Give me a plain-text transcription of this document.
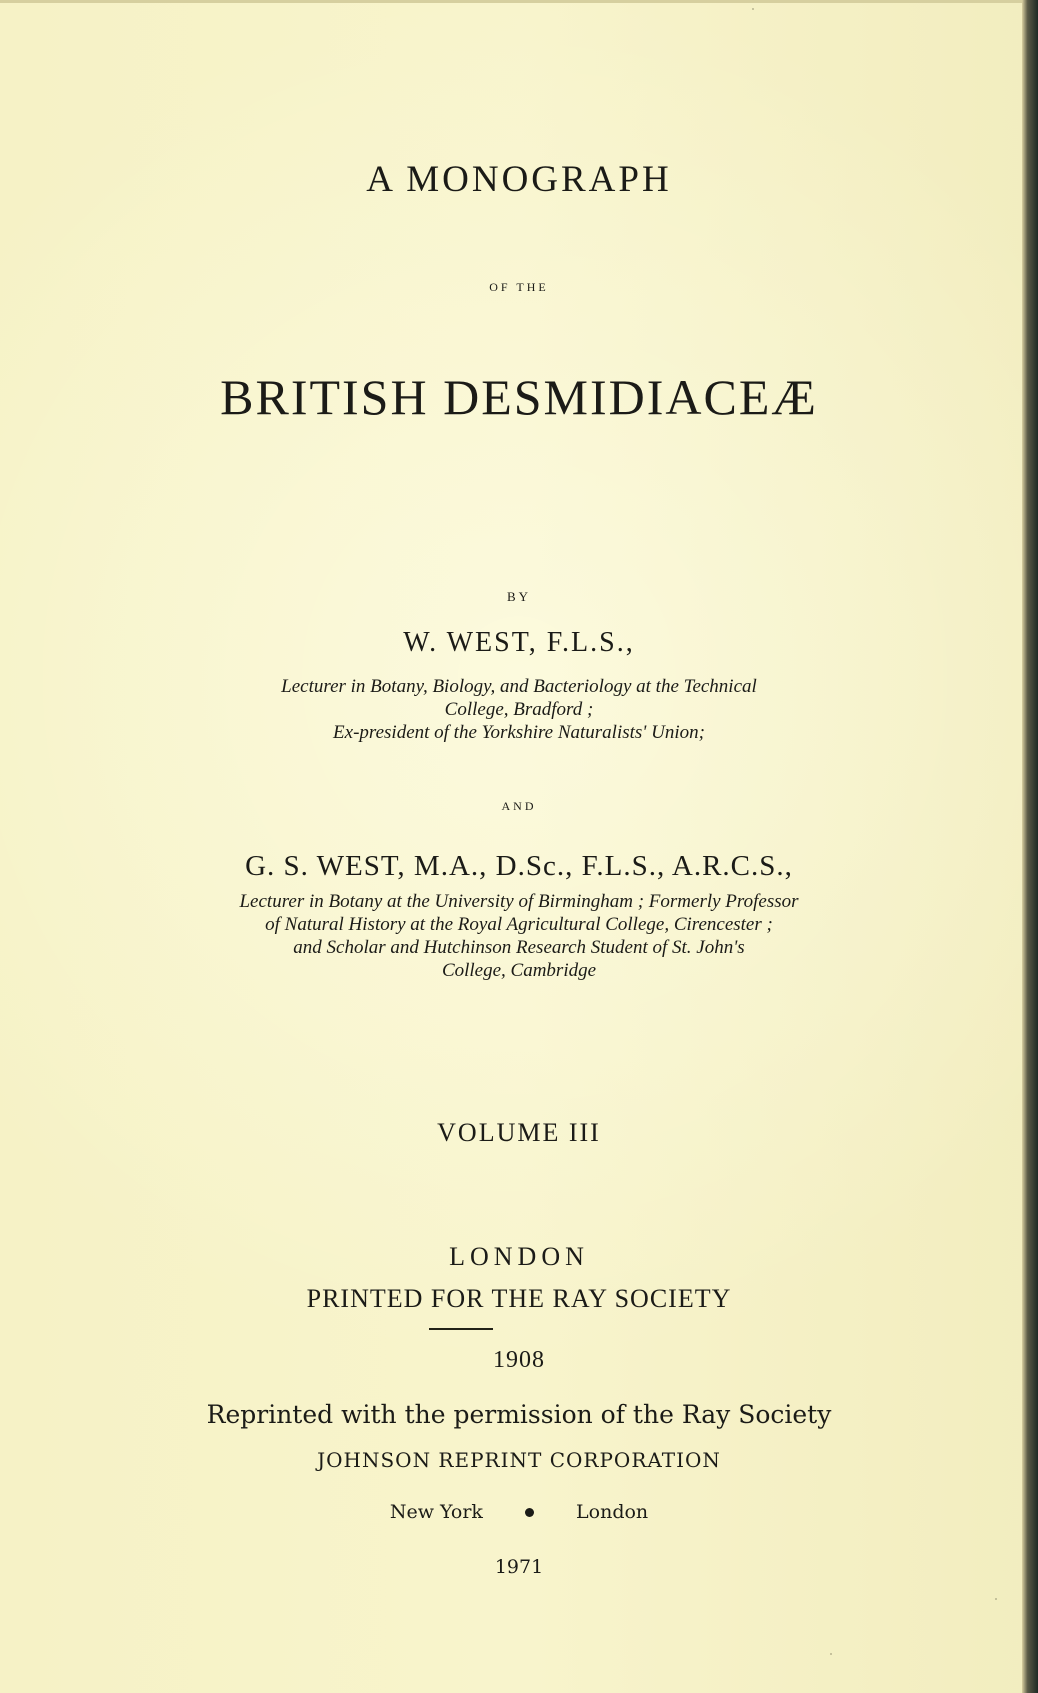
A MONOGRAPH
OF THE
BRITISH DESMIDIACEÆ
BY
W. WEST, F.L.S.,
Lecturer in Botany, Biology, and Bacteriology at the Technical
College, Bradford ;
Ex-president of the Yorkshire Naturalists' Union;
AND
G. S. WEST, M.A., D.Sc., F.L.S., A.R.C.S.,
Lecturer in Botany at the University of Birmingham ; Formerly Professor
of Natural History at the Royal Agricultural College, Cirencester ;
and Scholar and Hutchinson Research Student of St. John's
College, Cambridge
VOLUME III
LONDON
PRINTED FOR THE RAY SOCIETY
1908
Reprinted with the permission of the Ray Society
JOHNSON REPRINT CORPORATION
New York	London
1971
